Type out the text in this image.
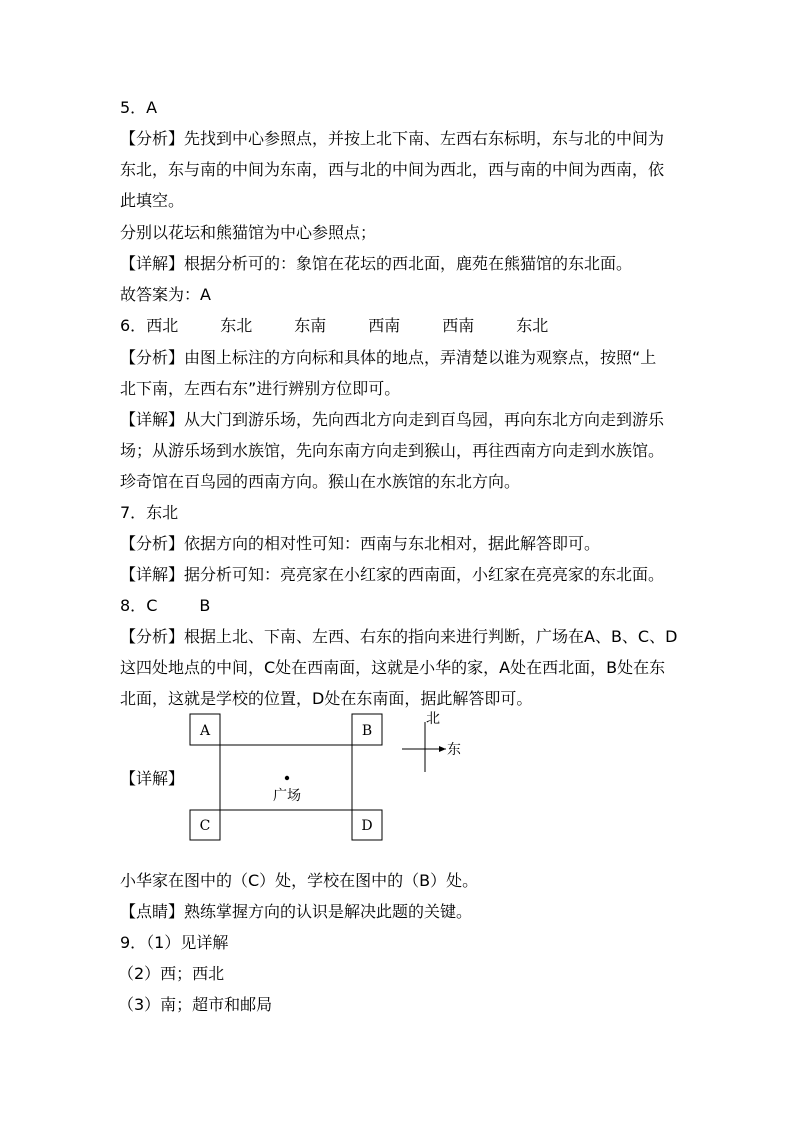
5．A
【分析】先找到中心参照点，并按上北下南、左西右东标明，东与北的中间为
东北，东与南的中间为东南，西与北的中间为西北，西与南的中间为西南，依
此填空。
分别以花坛和熊猫馆为中心参照点；
【详解】根据分析可的：象馆在花坛的西北面，鹿苑在熊猫馆的东北面。
故答案为：A
6．西北	东北	东南	西南	西南	东北
【分析】由图上标注的方向标和具体的地点，弄清楚以谁为观察点，按照“上
北下南，左西右东”进行辨别方位即可。
【详解】从大门到游乐场，先向西北方向走到百鸟园，再向东北方向走到游乐
场；从游乐场到水族馆，先向东南方向走到猴山，再往西南方向走到水族馆。
珍奇馆在百鸟园的西南方向。猴山在水族馆的东北方向。
7．东北
【分析】依据方向的相对性可知：西南与东北相对，据此解答即可。
【详解】据分析可知：亮亮家在小红家的西南面，小红家在亮亮家的东北面。
8．C	B
【分析】根据上北、下南、左西、右东的指向来进行判断，广场在A、B、C、D
这四处地点的中间，C处在西南面，这就是小华的家，A处在西北面，B处在东
北面，这就是学校的位置，D处在东南面，据此解答即可。
【详解】
A	B
C	D
广场
北
东
小华家在图中的（C）处，学校在图中的（B）处。
【点睛】熟练掌握方向的认识是解决此题的关键。
9．（1）见详解
（2）西；西北
（3）南；超市和邮局
